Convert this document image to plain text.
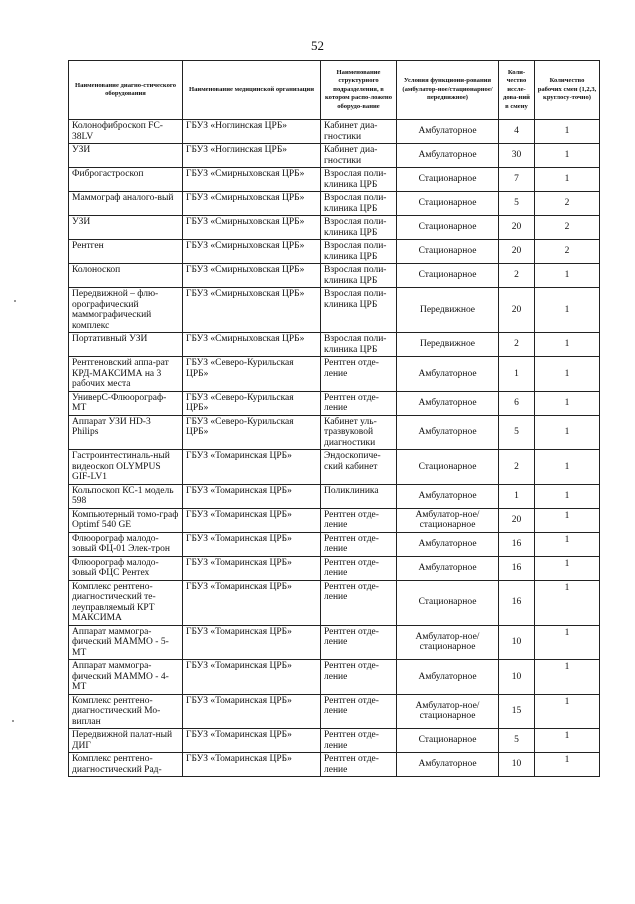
52
Наименование диагно-стического оборудования	Наименование медицинской организации	Наименование структурного подразделения, в котором распо-ложено оборудо-вание	Условия функциони-рования (амбулатор-ное/стационарное/ передвижное)	Коли-чество иссле-дова-ний в смену	Количество рабочих смен (1,2,3, круглосу-точно)
Колонофиброскоп FC-38LV	ГБУЗ «Ноглинская ЦРБ»	Кабинет диа-гностики	Амбулаторное	4	1
УЗИ	ГБУЗ «Ноглинская ЦРБ»	Кабинет диа-гностики	Амбулаторное	30	1
Фиброгастроскоп	ГБУЗ «Смирныховская ЦРБ»	Взрослая поли-клиника ЦРБ	Стационарное	7	1
Маммограф аналого-вый	ГБУЗ «Смирныховская ЦРБ»	Взрослая поли-клиника ЦРБ	Стационарное	5	2
УЗИ	ГБУЗ «Смирныховская ЦРБ»	Взрослая поли-клиника ЦРБ	Стационарное	20	2
Рентген	ГБУЗ «Смирныховская ЦРБ»	Взрослая поли-клиника ЦРБ	Стационарное	20	2
Колоноскоп	ГБУЗ «Смирныховская ЦРБ»	Взрослая поли-клиника ЦРБ	Стационарное	2	1
Передвижной – флю-орографический маммографический комплекс	ГБУЗ «Смирныховская ЦРБ»	Взрослая поли-клиника ЦРБ	Передвижное	20	1
Портативный УЗИ	ГБУЗ «Смирныховская ЦРБ»	Взрослая поли-клиника ЦРБ	Передвижное	2	1
Рентгеновский аппа-рат КРД-МАКСИМА на 3 рабочих места	ГБУЗ «Северо-Курильская ЦРБ»	Рентген отде-ление	Амбулаторное	1	1
УниверС-Флюорограф-МТ	ГБУЗ «Северо-Курильская ЦРБ»	Рентген отде-ление	Амбулаторное	6	1
Аппарат УЗИ HD-3 Philips	ГБУЗ «Северо-Курильская ЦРБ»	Кабинет уль-тразвуковой диагностики	Амбулаторное	5	1
Гастроинтестиналь-ный видеоскоп OLYMPUS GIF-LV1	ГБУЗ «Томаринская ЦРБ»	Эндоскопиче-ский кабинет	Стационарное	2	1
Кольпоскоп КС-1 модель 598	ГБУЗ «Томаринская ЦРБ»	Поликлиника	Амбулаторное	1	1
Компьютерный томо-граф Optimf 540 GE	ГБУЗ «Томаринская ЦРБ»	Рентген отде-ление	Амбулатор-ное/стационарное	20	1
Флюорограф малодо-зовый ФЦ-01 Элек-трон	ГБУЗ «Томаринская ЦРБ»	Рентген отде-ление	Амбулаторное	16	1
Флюорограф малодо-зовый ФЦС Рентех	ГБУЗ «Томаринская ЦРБ»	Рентген отде-ление	Амбулаторное	16	1
Комплекс рентгено-диагностический те-леуправляемый КРТ МАКСИМА	ГБУЗ «Томаринская ЦРБ»	Рентген отде-ление	Стационарное	16	1
Аппарат маммогра-фический МАММО - 5-МТ	ГБУЗ «Томаринская ЦРБ»	Рентген отде-ление	Амбулатор-ное/стационарное	10	1
Аппарат маммогра-фический МАММО - 4-МТ	ГБУЗ «Томаринская ЦРБ»	Рентген отде-ление	Амбулаторное	10	1
Комплекс рентгено-диагностический Мо-виплан	ГБУЗ «Томаринская ЦРБ»	Рентген отде-ление	Амбулатор-ное/стационарное	15	1
Передвижной палат-ный ДИГ	ГБУЗ «Томаринская ЦРБ»	Рентген отде-ление	Стационарное	5	1
Комплекс рентгено-диагностический Рад-	ГБУЗ «Томаринская ЦРБ»	Рентген отде-ление	Амбулаторное	10	1
